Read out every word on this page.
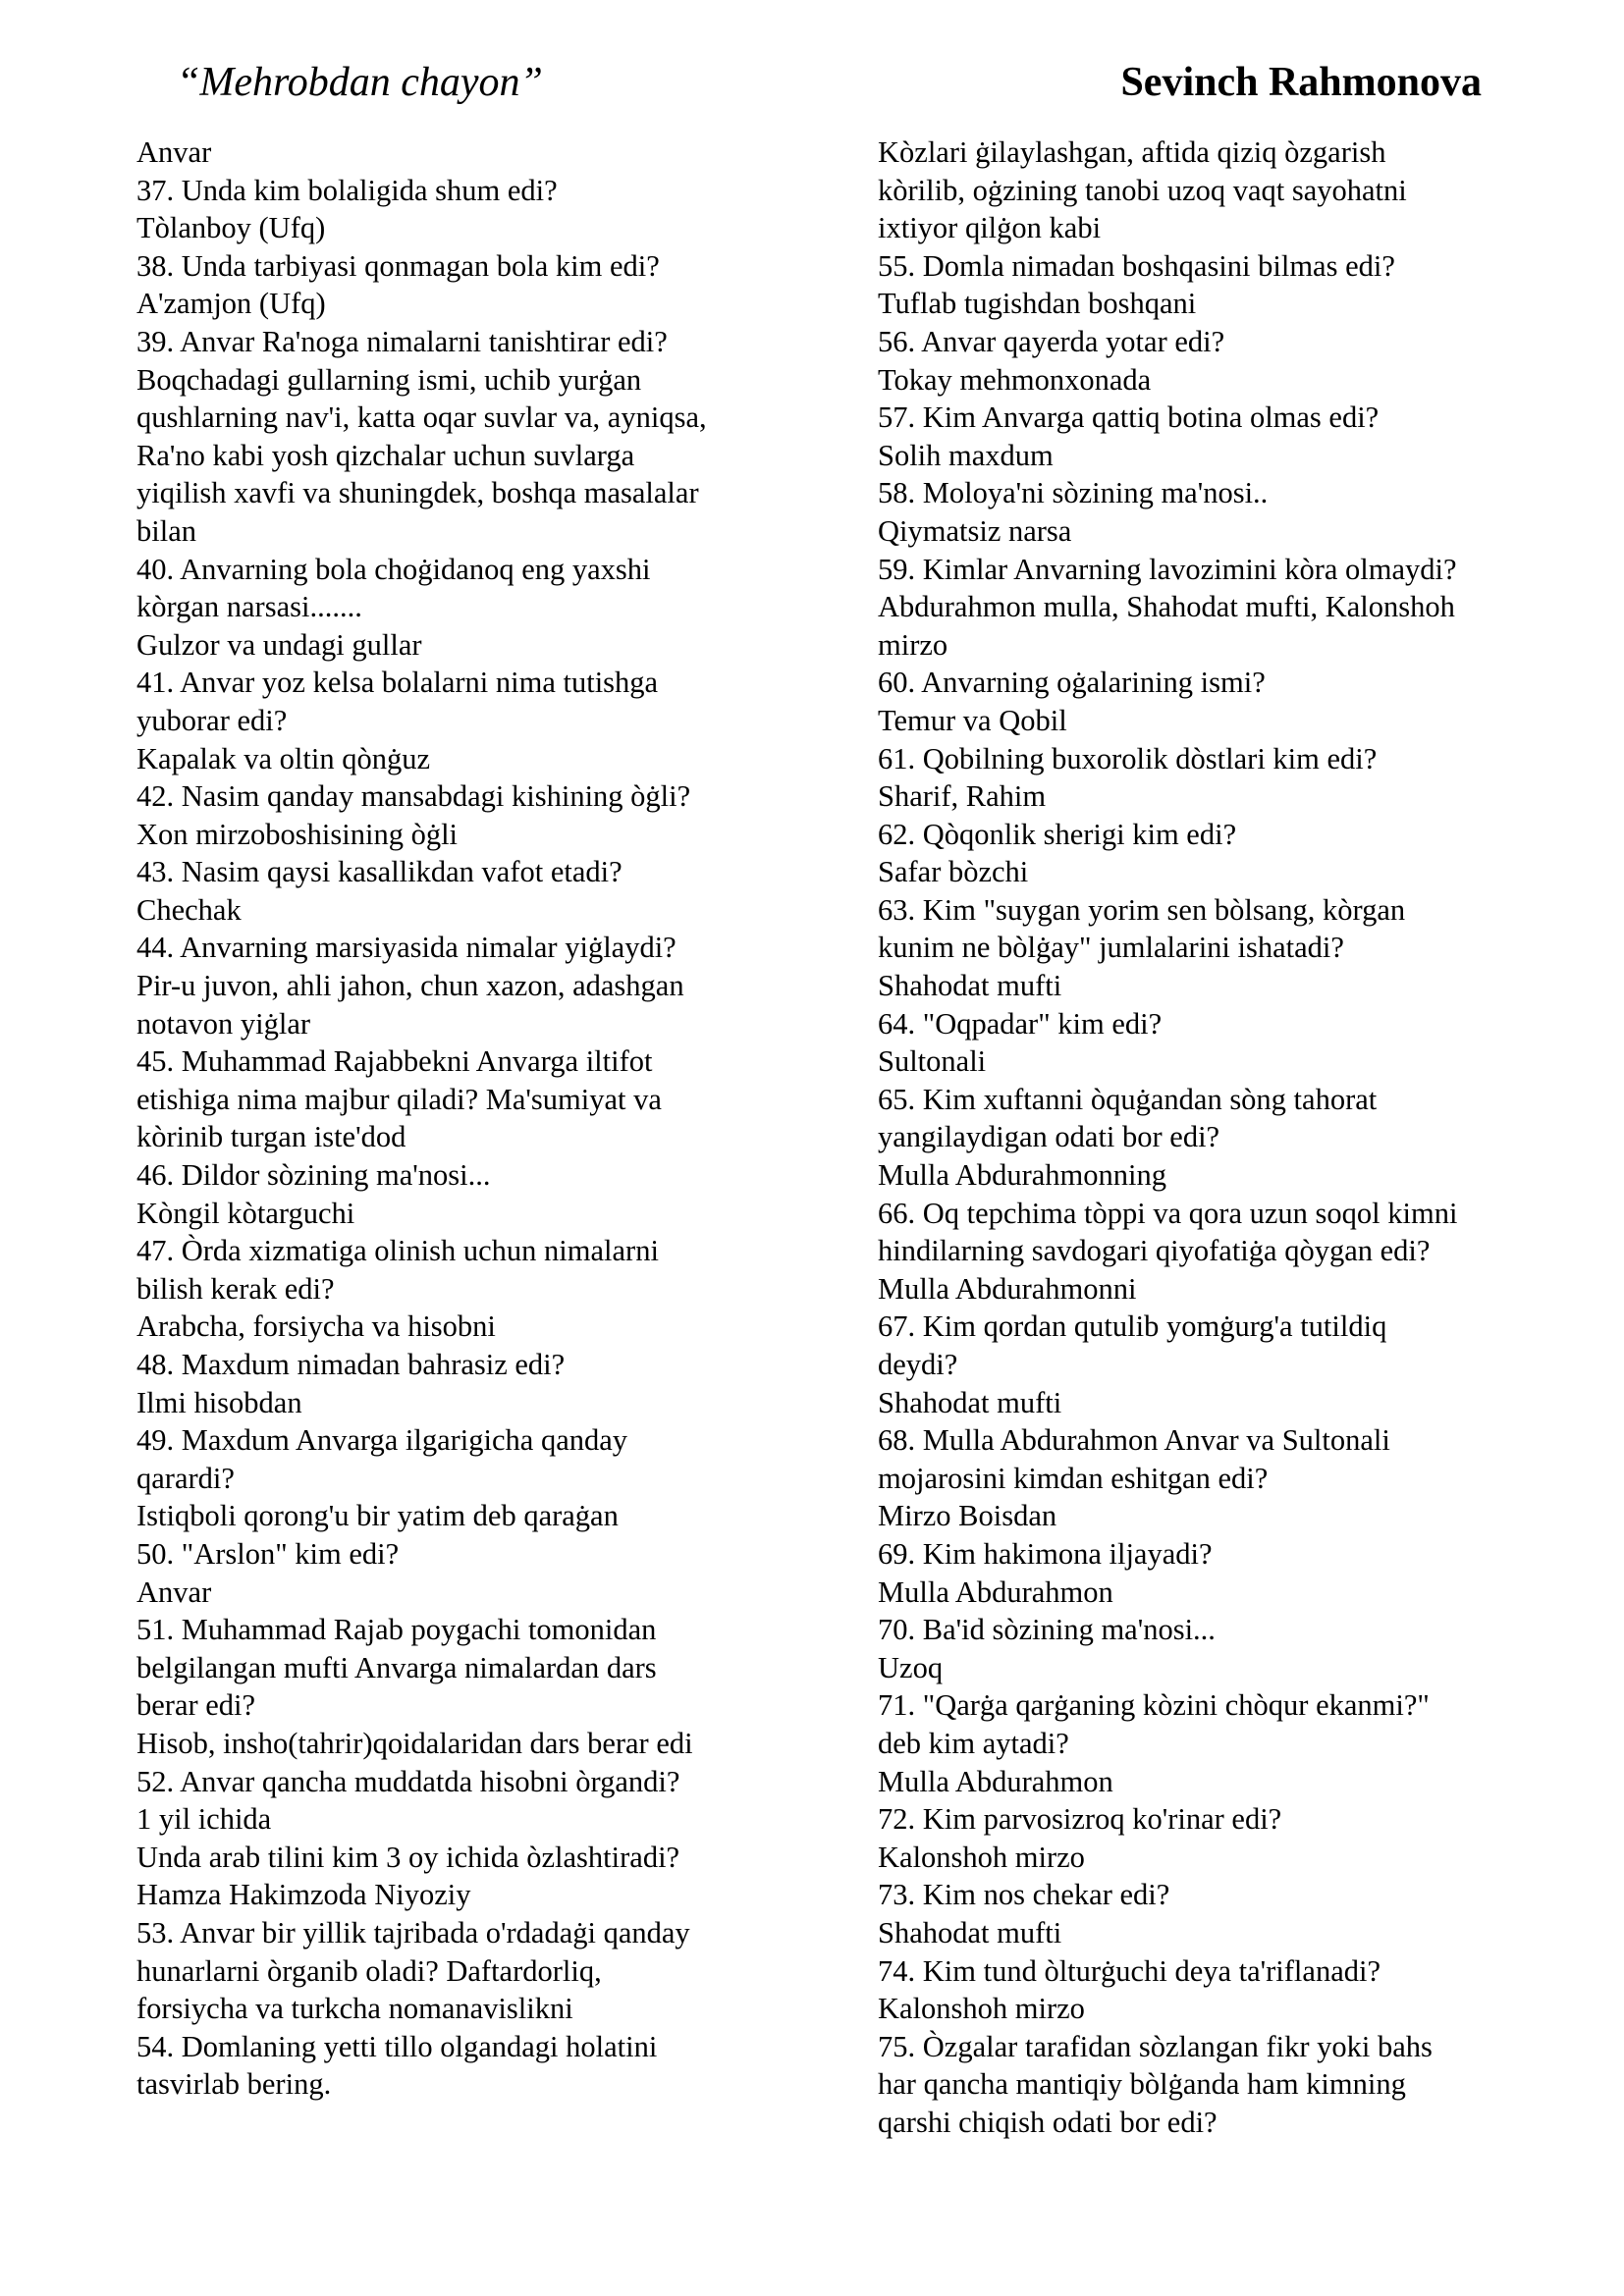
“Mehrobdan chayon”	Sevinch Rahmonova
Anvar
37. Unda kim bolaligida shum edi?
Tòlanboy (Ufq)
38. Unda tarbiyasi qonmagan bola kim edi?
A'zamjon (Ufq)
39. Anvar Ra'noga nimalarni tanishtirar edi?
Boqchadagi gullarning ismi, uchib yurġan
qushlarning nav'i, katta oqar suvlar va, ayniqsa,
Ra'no kabi yosh qizchalar uchun suvlarga
yiqilish xavfi va shuningdek, boshqa masalalar
bilan
40. Anvarning bola choġidanoq eng yaxshi
kòrgan narsasi.......
Gulzor va undagi gullar
41. Anvar yoz kelsa bolalarni nima tutishga
yuborar edi?
Kapalak va oltin qònġuz
42. Nasim qanday mansabdagi kishining òġli?
Xon mirzoboshisining òġli
43. Nasim qaysi kasallikdan vafot etadi?
Chechak
44. Anvarning marsiyasida nimalar yiġlaydi?
Pir-u juvon, ahli jahon, chun xazon, adashgan
notavon yiġlar
45. Muhammad Rajabbekni Anvarga iltifot
etishiga nima majbur qiladi? Ma'sumiyat va
kòrinib turgan iste'dod
46. Dildor sòzining ma'nosi...
Kòngil kòtarguchi
47. Òrda xizmatiga olinish uchun nimalarni
bilish kerak edi?
Arabcha, forsiycha va hisobni
48. Maxdum nimadan bahrasiz edi?
Ilmi hisobdan
49. Maxdum Anvarga ilgarigicha qanday
qarardi?
Istiqboli qorong'u bir yatim deb qaraġan
50. "Arslon" kim edi?
Anvar
51. Muhammad Rajab poygachi tomonidan
belgilangan mufti Anvarga nimalardan dars
berar edi?
Hisob, insho(tahrir)qoidalaridan dars berar edi
52. Anvar qancha muddatda hisobni òrgandi?
1 yil ichida
Unda arab tilini kim 3 oy ichida òzlashtiradi?
Hamza Hakimzoda Niyoziy
53. Anvar bir yillik tajribada o'rdadaġi qanday
hunarlarni òrganib oladi? Daftardorliq,
forsiycha va turkcha nomanavislikni
54. Domlaning yetti tillo olgandagi holatini
tasvirlab bering.
Kòzlari ġilaylashgan, aftida qiziq òzgarish
kòrilib, oġzining tanobi uzoq vaqt sayohatni
ixtiyor qilġon kabi
55. Domla nimadan boshqasini bilmas edi?
Tuflab tugishdan boshqani
56. Anvar qayerda yotar edi?
Tokay mehmonxonada
57. Kim Anvarga qattiq botina olmas edi?
Solih maxdum
58. Moloya'ni sòzining ma'nosi..
Qiymatsiz narsa
59. Kimlar Anvarning lavozimini kòra olmaydi?
Abdurahmon mulla, Shahodat mufti, Kalonshoh
mirzo
60. Anvarning oġalarining ismi?
Temur va Qobil
61. Qobilning buxorolik dòstlari kim edi?
Sharif, Rahim
62. Qòqonlik sherigi kim edi?
Safar bòzchi
63. Kim "suygan yorim sen bòlsang, kòrgan
kunim ne bòlġay" jumlalarini ishatadi?
Shahodat mufti
64. "Oqpadar" kim edi?
Sultonali
65. Kim xuftanni òquġandan sòng tahorat
yangilaydigan odati bor edi?
Mulla Abdurahmonning
66. Oq tepchima tòppi va qora uzun soqol kimni
hindilarning savdogari qiyofatiġa qòygan edi?
Mulla Abdurahmonni
67. Kim qordan qutulib yomġurg'a tutildiq
deydi?
Shahodat mufti
68. Mulla Abdurahmon Anvar va Sultonali
mojarosini kimdan eshitgan edi?
Mirzo Boisdan
69. Kim hakimona iljayadi?
Mulla Abdurahmon
70. Ba'id sòzining ma'nosi...
Uzoq
71. "Qarġa qarġaning kòzini chòqur ekanmi?"
deb kim aytadi?
Mulla Abdurahmon
72. Kim parvosizroq ko'rinar edi?
Kalonshoh mirzo
73. Kim nos chekar edi?
Shahodat mufti
74. Kim tund òlturġuchi deya ta'riflanadi?
Kalonshoh mirzo
75. Òzgalar tarafidan sòzlangan fikr yoki bahs
har qancha mantiqiy bòlġanda ham kimning
qarshi chiqish odati bor edi?
